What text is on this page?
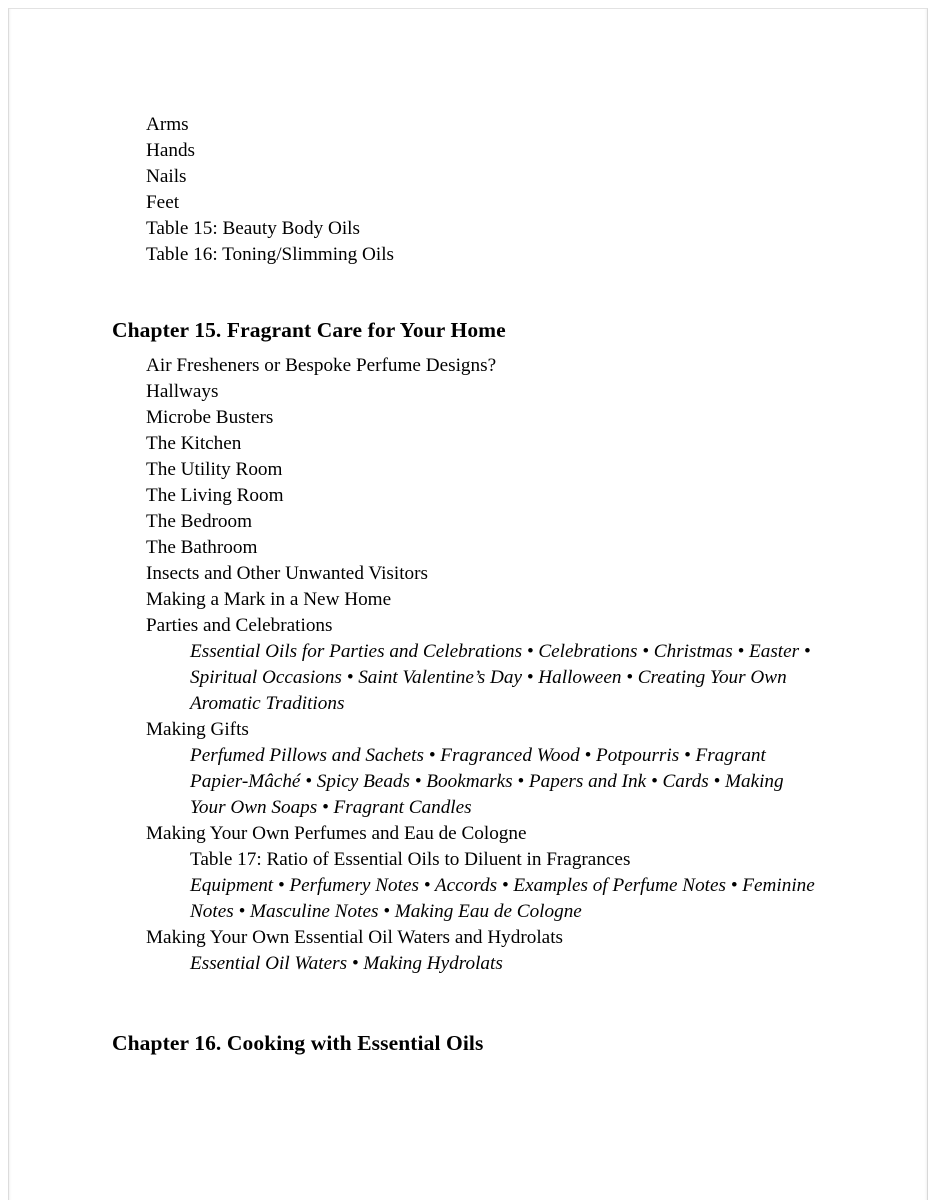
Arms
Hands
Nails
Feet
Table 15: Beauty Body Oils
Table 16: Toning/Slimming Oils
Chapter 15. Fragrant Care for Your Home
Air Fresheners or Bespoke Perfume Designs?
Hallways
Microbe Busters
The Kitchen
The Utility Room
The Living Room
The Bedroom
The Bathroom
Insects and Other Unwanted Visitors
Making a Mark in a New Home
Parties and Celebrations
Essential Oils for Parties and Celebrations • Celebrations • Christmas • Easter • Spiritual Occasions • Saint Valentine’s Day • Halloween • Creating Your Own Aromatic Traditions
Making Gifts
Perfumed Pillows and Sachets • Fragranced Wood • Potpourris • Fragrant Papier-Mâché • Spicy Beads • Bookmarks • Papers and Ink • Cards • Making Your Own Soaps • Fragrant Candles
Making Your Own Perfumes and Eau de Cologne
Table 17: Ratio of Essential Oils to Diluent in Fragrances
Equipment • Perfumery Notes • Accords • Examples of Perfume Notes • Feminine Notes • Masculine Notes • Making Eau de Cologne
Making Your Own Essential Oil Waters and Hydrolats
Essential Oil Waters • Making Hydrolats
Chapter 16. Cooking with Essential Oils
